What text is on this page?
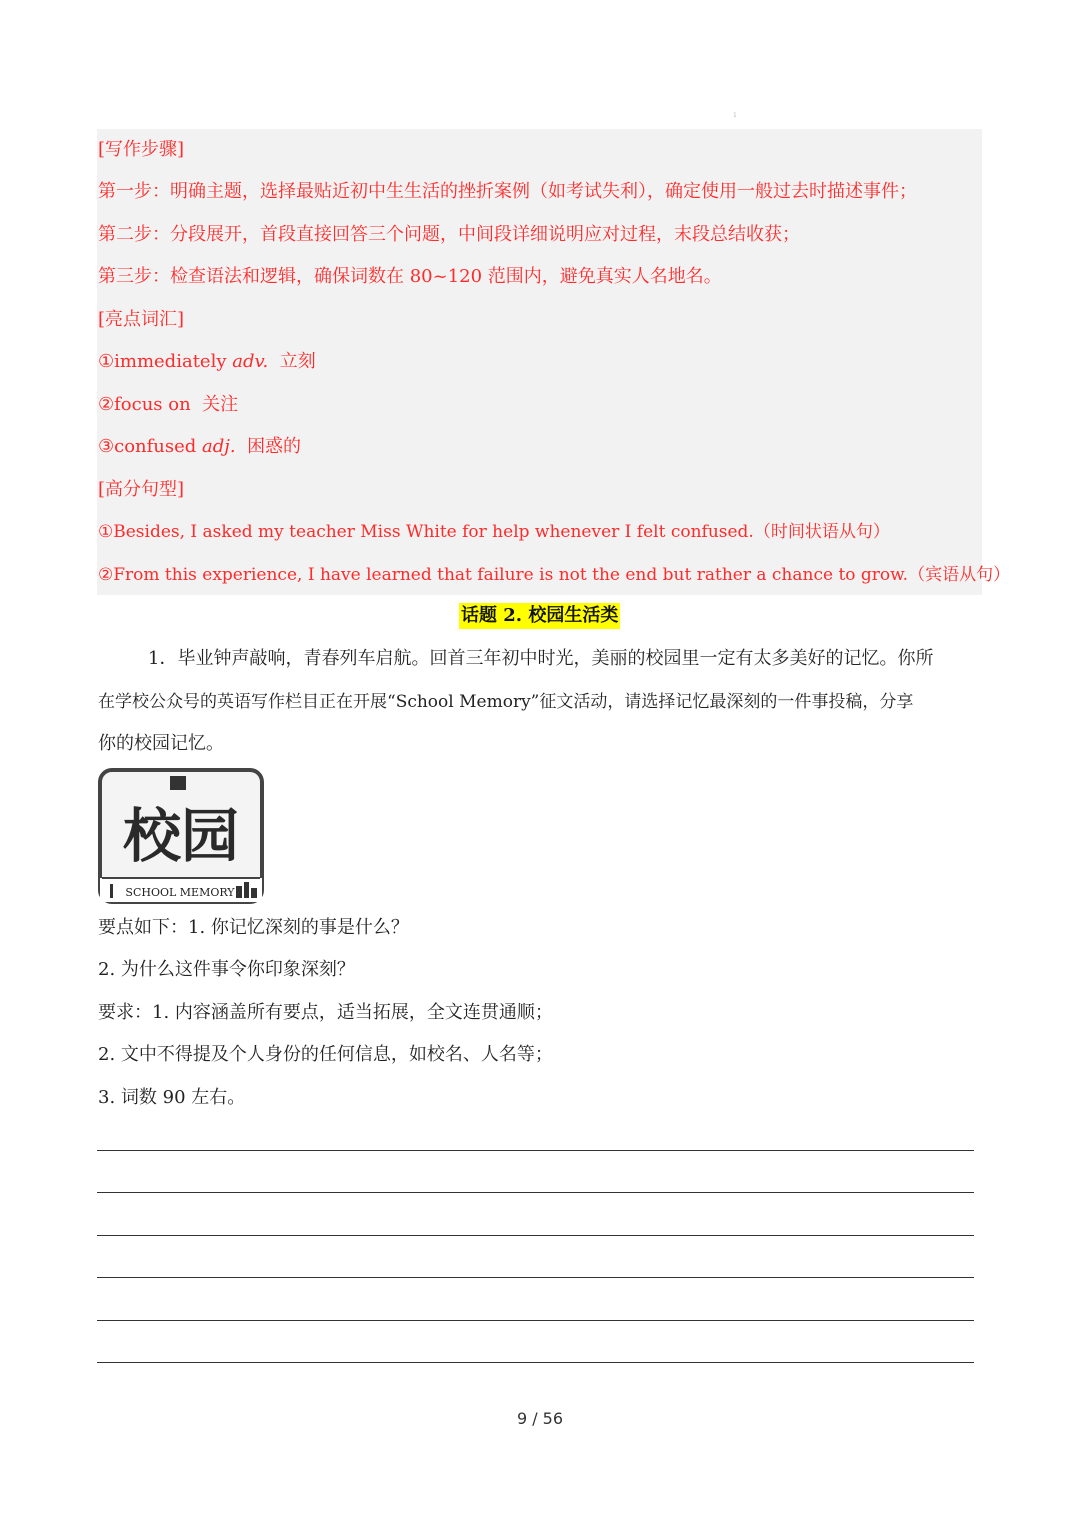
1
[写作步骤]
第一步：明确主题，选择最贴近初中生生活的挫折案例（如考试失利），确定使用一般过去时描述事件；
第二步：分段展开，首段直接回答三个问题，中间段详细说明应对过程，末段总结收获；
第三步：检查语法和逻辑，确保词数在 80~120 范围内，避免真实人名地名。
[亮点词汇]
①immediately adv. 立刻
②focus on  关注
③confused adj. 困惑的
[高分句型]
①Besides, I asked my teacher Miss White for help whenever I felt confused.（时间状语从句）
②From this experience, I have learned that failure is not the end but rather a chance to grow.（宾语从句）
话题 2. 校园生活类
1．毕业钟声敲响，青春列车启航。回首三年初中时光，美丽的校园里一定有太多美好的记忆。你所
在学校公众号的英语写作栏目正在开展“School Memory”征文活动，请选择记忆最深刻的一件事投稿，分享
你的校园记忆。
校园
SCHOOL MEMORY
要点如下：1. 你记忆深刻的事是什么？
2. 为什么这件事令你印象深刻？
要求：1. 内容涵盖所有要点，适当拓展，全文连贯通顺；
2. 文中不得提及个人身份的任何信息，如校名、人名等；
3. 词数 90 左右。
9 / 56
